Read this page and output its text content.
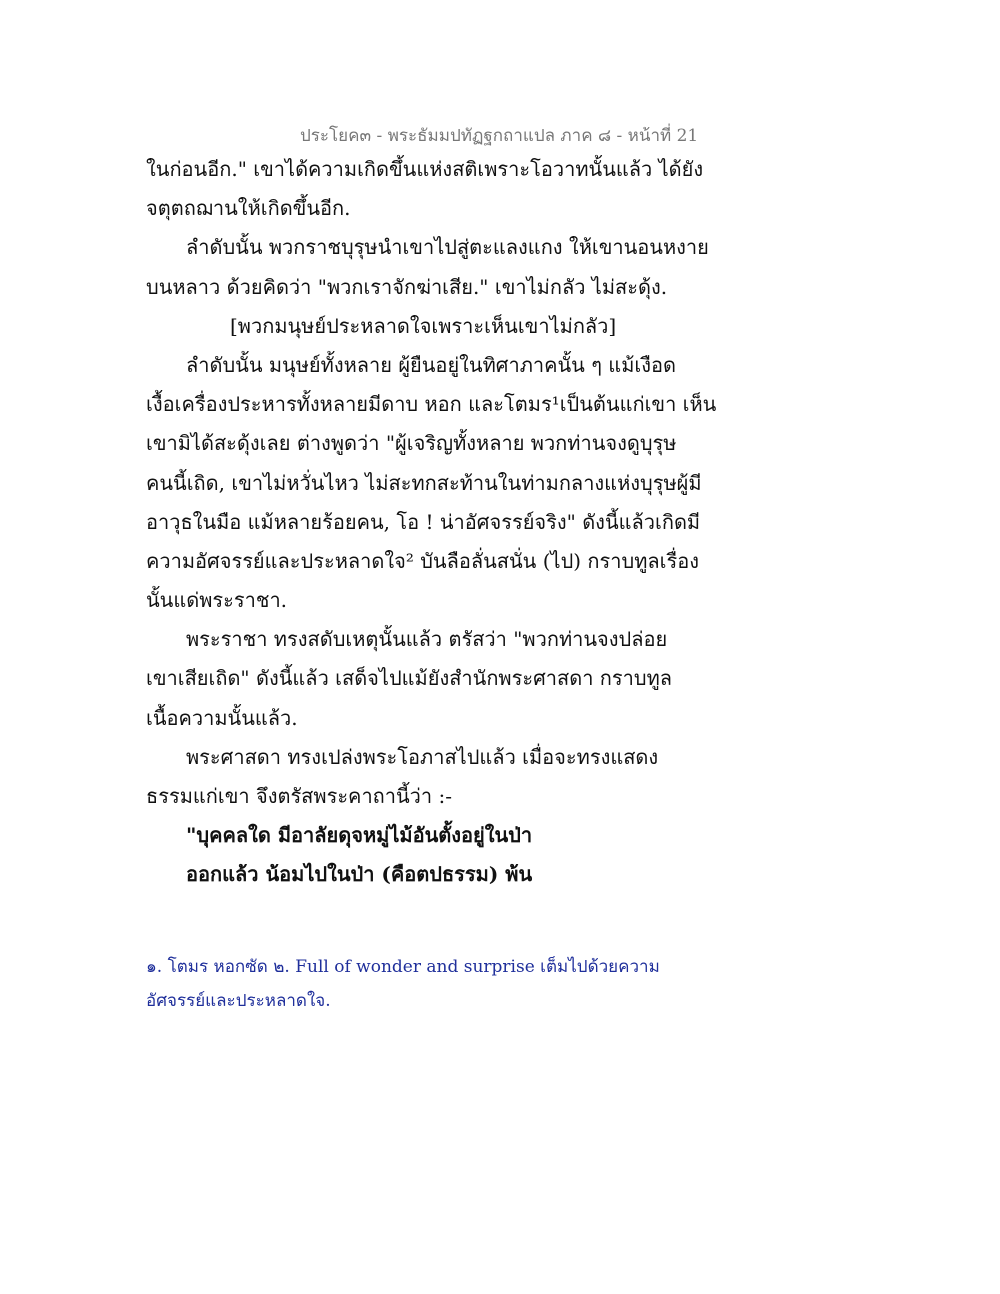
ประโยค๓ - พระธัมมปทัฏฐกถาแปล ภาค ๘ - หน้าที่ 21
ในก่อนอีก." เขาได้ความเกิดขึ้นแห่งสติเพราะโอวาทนั้นแล้ว ได้ยัง
จตุตถฌานให้เกิดขึ้นอีก.
ลำดับนั้น พวกราชบุรุษนำเขาไปสู่ตะแลงแกง ให้เขานอนหงาย
บนหลาว ด้วยคิดว่า "พวกเราจักฆ่าเสีย." เขาไม่กลัว ไม่สะดุ้ง.
[พวกมนุษย์ประหลาดใจเพราะเห็นเขาไม่กลัว]
ลำดับนั้น มนุษย์ทั้งหลาย ผู้ยืนอยู่ในทิศาภาคนั้น ๆ แม้เงือด
เงื้อเครื่องประหารทั้งหลายมีดาบ หอก และโตมร¹เป็นต้นแก่เขา เห็น
เขามิได้สะดุ้งเลย ต่างพูดว่า "ผู้เจริญทั้งหลาย พวกท่านจงดูบุรุษ
คนนี้เถิด, เขาไม่หวั่นไหว ไม่สะทกสะท้านในท่ามกลางแห่งบุรุษผู้มี
อาวุธในมือ แม้หลายร้อยคน, โอ ! น่าอัศจรรย์จริง" ดังนี้แล้วเกิดมี
ความอัศจรรย์และประหลาดใจ² บันลือลั่นสนั่น (ไป) กราบทูลเรื่อง
นั้นแด่พระราชา.
พระราชา ทรงสดับเหตุนั้นแล้ว ตรัสว่า "พวกท่านจงปล่อย
เขาเสียเถิด" ดังนี้แล้ว เสด็จไปแม้ยังสำนักพระศาสดา กราบทูล
เนื้อความนั้นแล้ว.
พระศาสดา ทรงเปล่งพระโอภาสไปแล้ว เมื่อจะทรงแสดง
ธรรมแก่เขา จึงตรัสพระคาถานี้ว่า :-
"บุคคลใด มีอาลัยดุจหมู่ไม้อันตั้งอยู่ในป่า
ออกแล้ว น้อมไปในป่า (คือตปธรรม) พ้น
๑. โตมร หอกซัด ๒. Full of wonder and surprise เต็มไปด้วยความ
อัศจรรย์และประหลาดใจ.
